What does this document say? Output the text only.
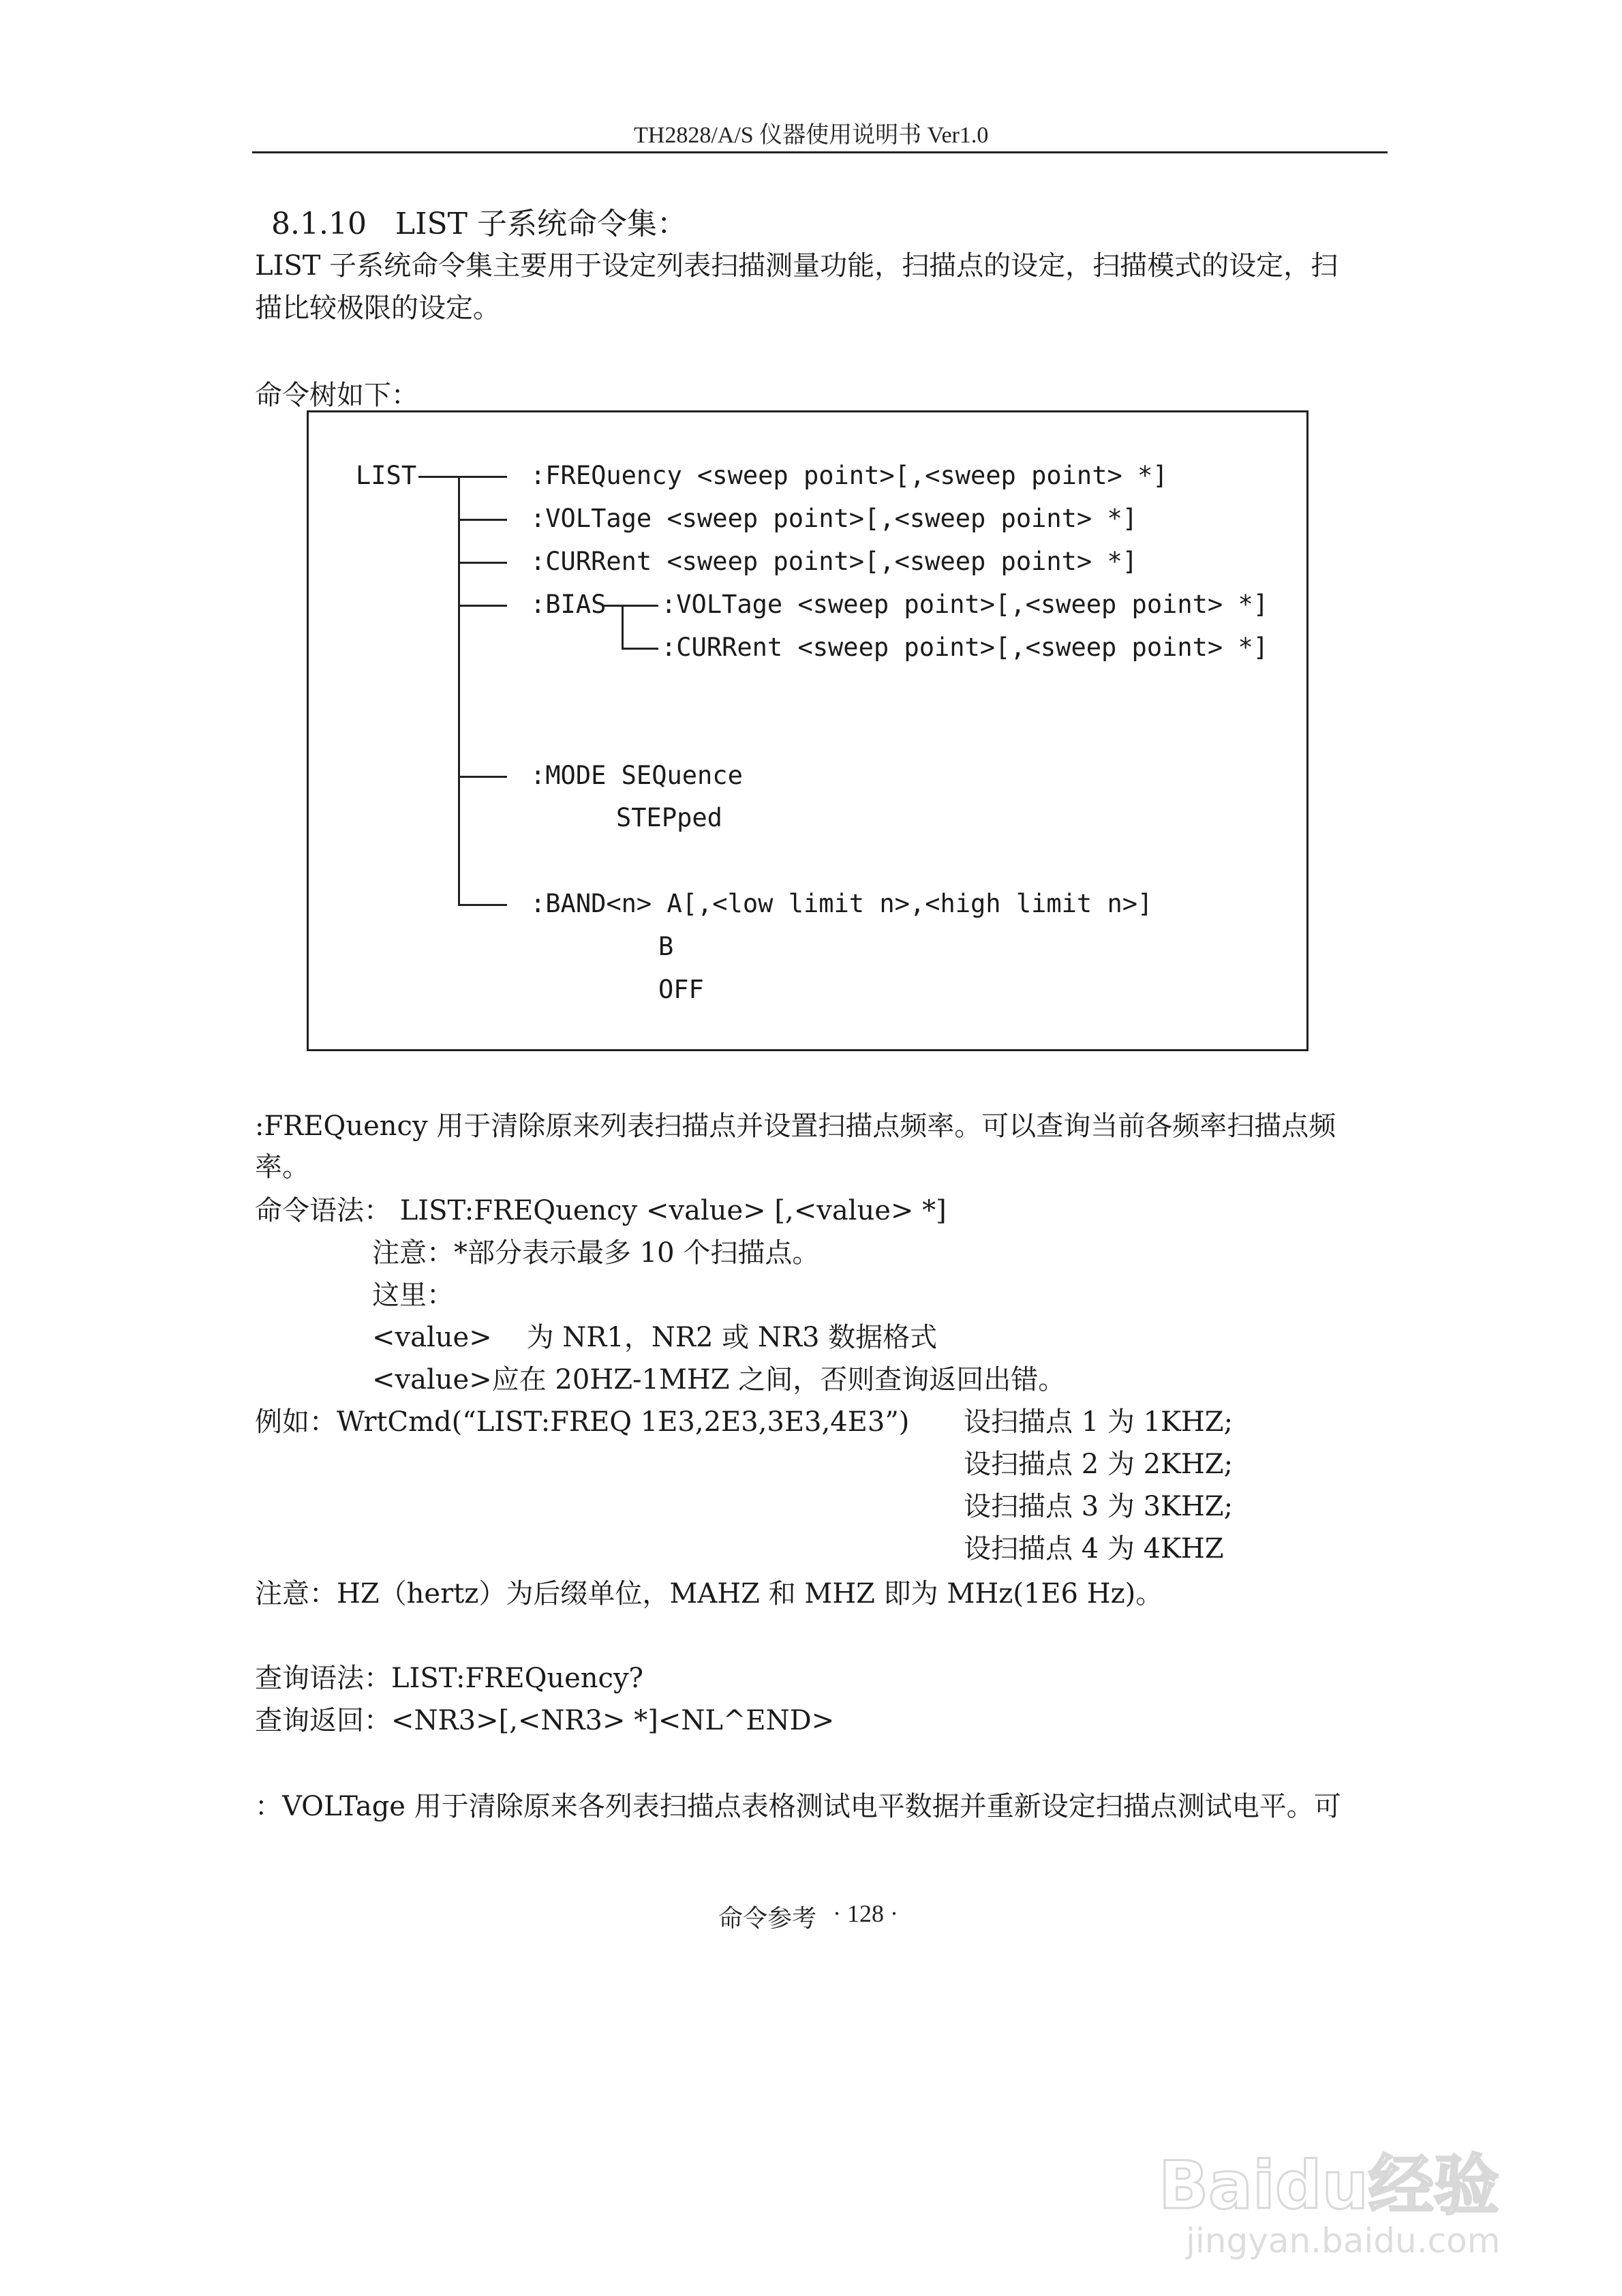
TH2828/A/S 仪器使用说明书 Ver1.0
8.1.10   LIST 子系统命令集：
LIST 子系统命令集主要用于设定列表扫描测量功能，扫描点的设定，扫描模式的设定，扫
描比较极限的设定。
命令树如下：
LIST	:FREQuency <sweep point>[,<sweep point> *]
:VOLTage <sweep point>[,<sweep point> *]
:CURRent <sweep point>[,<sweep point> *]
:BIAS :VOLTage <sweep point>[,<sweep point> *]
:CURRent <sweep point>[,<sweep point> *]
:MODE SEQuence
STEPped
:BAND<n> A[,<low limit n>,<high limit n>]
B
OFF
:FREQuency 用于清除原来列表扫描点并设置扫描点频率。可以查询当前各频率扫描点频
率。
命令语法： LIST:FREQuency <value> [,<value> *]
注意：*部分表示最多 10 个扫描点。
这里：
<value>    为 NR1，NR2 或 NR3 数据格式
<value>应在 20HZ-1MHZ 之间，否则查询返回出错。
例如：WrtCmd(“LIST:FREQ 1E3,2E3,3E3,4E3”) 设扫描点 1 为 1KHZ;
设扫描点 2 为 2KHZ;
设扫描点 3 为 3KHZ;
设扫描点 4 为 4KHZ
注意：HZ（hertz）为后缀单位，MAHZ 和 MHZ 即为 MHz(1E6 Hz)。
查询语法：LIST:FREQuency?
查询返回：<NR3>[,<NR3> *]<NL^END>
：VOLTage 用于清除原来各列表扫描点表格测试电平数据并重新设定扫描点测试电平。可
命令参考 · 128 ·
Baidu经验
jingyan.baidu.com
